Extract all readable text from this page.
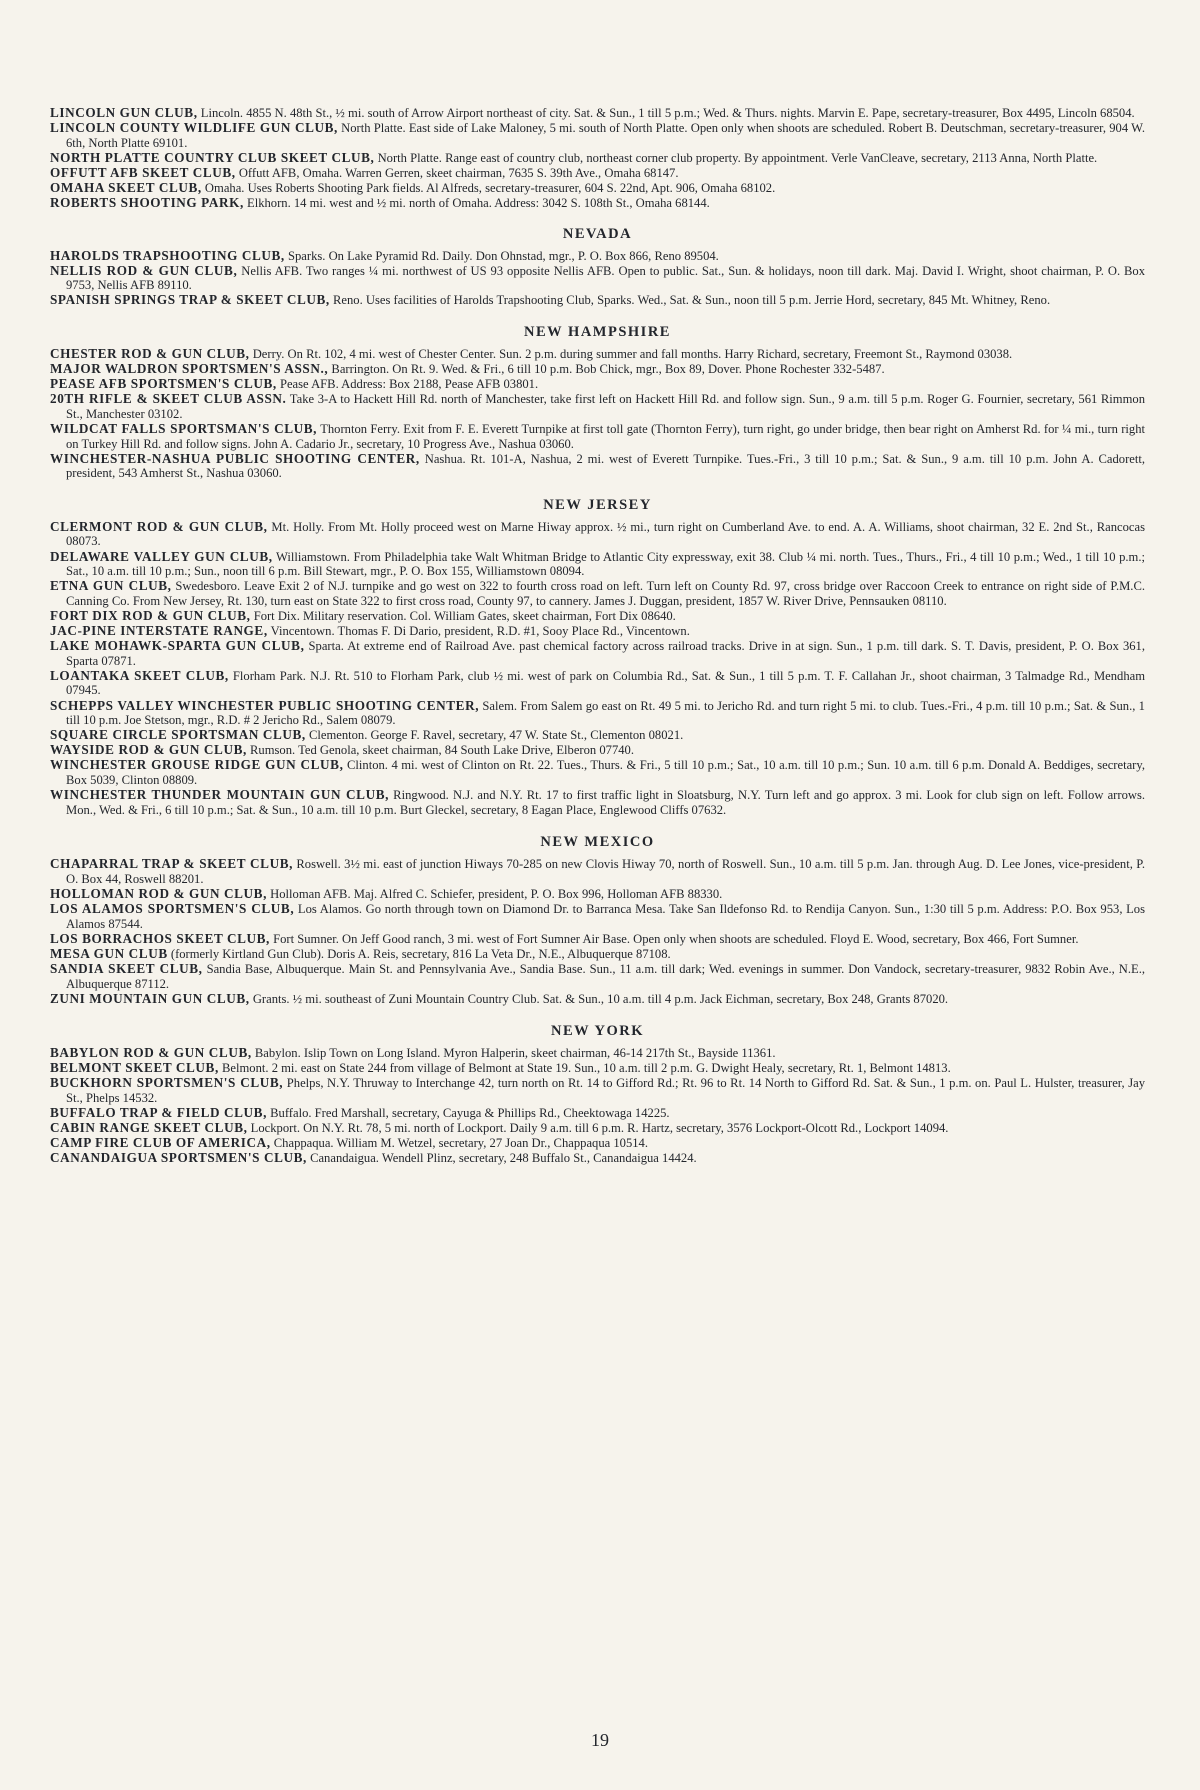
LINCOLN GUN CLUB, Lincoln. 4855 N. 48th St., ½ mi. south of Arrow Airport northeast of city. Sat. & Sun., 1 till 5 p.m.; Wed. & Thurs. nights. Marvin E. Pape, secretary-treasurer, Box 4495, Lincoln 68504.
LINCOLN COUNTY WILDLIFE GUN CLUB, North Platte. East side of Lake Maloney, 5 mi. south of North Platte. Open only when shoots are scheduled. Robert B. Deutschman, secretary-treasurer, 904 W. 6th, North Platte 69101.
NORTH PLATTE COUNTRY CLUB SKEET CLUB, North Platte. Range east of country club, northeast corner club property. By appointment. Verle VanCleave, secretary, 2113 Anna, North Platte.
OFFUTT AFB SKEET CLUB, Offutt AFB, Omaha. Warren Gerren, skeet chairman, 7635 S. 39th Ave., Omaha 68147.
OMAHA SKEET CLUB, Omaha. Uses Roberts Shooting Park fields. Al Alfreds, secretary-treasurer, 604 S. 22nd, Apt. 906, Omaha 68102.
ROBERTS SHOOTING PARK, Elkhorn. 14 mi. west and ½ mi. north of Omaha. Address: 3042 S. 108th St., Omaha 68144.
NEVADA
HAROLDS TRAPSHOOTING CLUB, Sparks. On Lake Pyramid Rd. Daily. Don Ohnstad, mgr., P. O. Box 866, Reno 89504.
NELLIS ROD & GUN CLUB, Nellis AFB. Two ranges ¼ mi. northwest of US 93 opposite Nellis AFB. Open to public. Sat., Sun. & holidays, noon till dark. Maj. David I. Wright, shoot chairman, P. O. Box 9753, Nellis AFB 89110.
SPANISH SPRINGS TRAP & SKEET CLUB, Reno. Uses facilities of Harolds Trapshooting Club, Sparks. Wed., Sat. & Sun., noon till 5 p.m. Jerrie Hord, secretary, 845 Mt. Whitney, Reno.
NEW HAMPSHIRE
CHESTER ROD & GUN CLUB, Derry. On Rt. 102, 4 mi. west of Chester Center. Sun. 2 p.m. during summer and fall months. Harry Richard, secretary, Freemont St., Raymond 03038.
MAJOR WALDRON SPORTSMEN'S ASSN., Barrington. On Rt. 9. Wed. & Fri., 6 till 10 p.m. Bob Chick, mgr., Box 89, Dover. Phone Rochester 332-5487.
PEASE AFB SPORTSMEN'S CLUB, Pease AFB. Address: Box 2188, Pease AFB 03801.
20TH RIFLE & SKEET CLUB ASSN. Take 3-A to Hackett Hill Rd. north of Manchester, take first left on Hackett Hill Rd. and follow sign. Sun., 9 a.m. till 5 p.m. Roger G. Fournier, secretary, 561 Rimmon St., Manchester 03102.
WILDCAT FALLS SPORTSMAN'S CLUB, Thornton Ferry. Exit from F. E. Everett Turnpike at first toll gate (Thornton Ferry), turn right, go under bridge, then bear right on Amherst Rd. for ¼ mi., turn right on Turkey Hill Rd. and follow signs. John A. Cadario Jr., secretary, 10 Progress Ave., Nashua 03060.
WINCHESTER-NASHUA PUBLIC SHOOTING CENTER, Nashua. Rt. 101-A, Nashua, 2 mi. west of Everett Turnpike. Tues.-Fri., 3 till 10 p.m.; Sat. & Sun., 9 a.m. till 10 p.m. John A. Cadorett, president, 543 Amherst St., Nashua 03060.
NEW JERSEY
CLERMONT ROD & GUN CLUB, Mt. Holly. From Mt. Holly proceed west on Marne Hiway approx. ½ mi., turn right on Cumberland Ave. to end. A. A. Williams, shoot chairman, 32 E. 2nd St., Rancocas 08073.
DELAWARE VALLEY GUN CLUB, Williamstown. From Philadelphia take Walt Whitman Bridge to Atlantic City expressway, exit 38. Club ¼ mi. north. Tues., Thurs., Fri., 4 till 10 p.m.; Wed., 1 till 10 p.m.; Sat., 10 a.m. till 10 p.m.; Sun., noon till 6 p.m. Bill Stewart, mgr., P. O. Box 155, Williamstown 08094.
ETNA GUN CLUB, Swedesboro. Leave Exit 2 of N.J. turnpike and go west on 322 to fourth cross road on left. Turn left on County Rd. 97, cross bridge over Raccoon Creek to entrance on right side of P.M.C. Canning Co. From New Jersey, Rt. 130, turn east on State 322 to first cross road, County 97, to cannery. James J. Duggan, president, 1857 W. River Drive, Pennsauken 08110.
FORT DIX ROD & GUN CLUB, Fort Dix. Military reservation. Col. William Gates, skeet chairman, Fort Dix 08640.
JAC-PINE INTERSTATE RANGE, Vincentown. Thomas F. Di Dario, president, R.D. #1, Sooy Place Rd., Vincentown.
LAKE MOHAWK-SPARTA GUN CLUB, Sparta. At extreme end of Railroad Ave. past chemical factory across railroad tracks. Drive in at sign. Sun., 1 p.m. till dark. S. T. Davis, president, P. O. Box 361, Sparta 07871.
LOANTAKA SKEET CLUB, Florham Park. N.J. Rt. 510 to Florham Park, club ½ mi. west of park on Columbia Rd., Sat. & Sun., 1 till 5 p.m. T. F. Callahan Jr., shoot chairman, 3 Talmadge Rd., Mendham 07945.
SCHEPPS VALLEY WINCHESTER PUBLIC SHOOTING CENTER, Salem. From Salem go east on Rt. 49 5 mi. to Jericho Rd. and turn right 5 mi. to club. Tues.-Fri., 4 p.m. till 10 p.m.; Sat. & Sun., 1 till 10 p.m. Joe Stetson, mgr., R.D. # 2 Jericho Rd., Salem 08079.
SQUARE CIRCLE SPORTSMAN CLUB, Clementon. George F. Ravel, secretary, 47 W. State St., Clementon 08021.
WAYSIDE ROD & GUN CLUB, Rumson. Ted Genola, skeet chairman, 84 South Lake Drive, Elberon 07740.
WINCHESTER GROUSE RIDGE GUN CLUB, Clinton. 4 mi. west of Clinton on Rt. 22. Tues., Thurs. & Fri., 5 till 10 p.m.; Sat., 10 a.m. till 10 p.m.; Sun. 10 a.m. till 6 p.m. Donald A. Beddiges, secretary, Box 5039, Clinton 08809.
WINCHESTER THUNDER MOUNTAIN GUN CLUB, Ringwood. N.J. and N.Y. Rt. 17 to first traffic light in Sloatsburg, N.Y. Turn left and go approx. 3 mi. Look for club sign on left. Follow arrows. Mon., Wed. & Fri., 6 till 10 p.m.; Sat. & Sun., 10 a.m. till 10 p.m. Burt Gleckel, secretary, 8 Eagan Place, Englewood Cliffs 07632.
NEW MEXICO
CHAPARRAL TRAP & SKEET CLUB, Roswell. 3½ mi. east of junction Hiways 70-285 on new Clovis Hiway 70, north of Roswell. Sun., 10 a.m. till 5 p.m. Jan. through Aug. D. Lee Jones, vice-president, P. O. Box 44, Roswell 88201.
HOLLOMAN ROD & GUN CLUB, Holloman AFB. Maj. Alfred C. Schiefer, president, P. O. Box 996, Holloman AFB 88330.
LOS ALAMOS SPORTSMEN'S CLUB, Los Alamos. Go north through town on Diamond Dr. to Barranca Mesa. Take San Ildefonso Rd. to Rendija Canyon. Sun., 1:30 till 5 p.m. Address: P.O. Box 953, Los Alamos 87544.
LOS BORRACHOS SKEET CLUB, Fort Sumner. On Jeff Good ranch, 3 mi. west of Fort Sumner Air Base. Open only when shoots are scheduled. Floyd E. Wood, secretary, Box 466, Fort Sumner.
MESA GUN CLUB (formerly Kirtland Gun Club). Doris A. Reis, secretary, 816 La Veta Dr., N.E., Albuquerque 87108.
SANDIA SKEET CLUB, Sandia Base, Albuquerque. Main St. and Pennsylvania Ave., Sandia Base. Sun., 11 a.m. till dark; Wed. evenings in summer. Don Vandock, secretary-treasurer, 9832 Robin Ave., N.E., Albuquerque 87112.
ZUNI MOUNTAIN GUN CLUB, Grants. ½ mi. southeast of Zuni Mountain Country Club. Sat. & Sun., 10 a.m. till 4 p.m. Jack Eichman, secretary, Box 248, Grants 87020.
NEW YORK
BABYLON ROD & GUN CLUB, Babylon. Islip Town on Long Island. Myron Halperin, skeet chairman, 46-14 217th St., Bayside 11361.
BELMONT SKEET CLUB, Belmont. 2 mi. east on State 244 from village of Belmont at State 19. Sun., 10 a.m. till 2 p.m. G. Dwight Healy, secretary, Rt. 1, Belmont 14813.
BUCKHORN SPORTSMEN'S CLUB, Phelps, N.Y. Thruway to Interchange 42, turn north on Rt. 14 to Gifford Rd.; Rt. 96 to Rt. 14 North to Gifford Rd. Sat. & Sun., 1 p.m. on. Paul L. Hulster, treasurer, Jay St., Phelps 14532.
BUFFALO TRAP & FIELD CLUB, Buffalo. Fred Marshall, secretary, Cayuga & Phillips Rd., Cheektowaga 14225.
CABIN RANGE SKEET CLUB, Lockport. On N.Y. Rt. 78, 5 mi. north of Lockport. Daily 9 a.m. till 6 p.m. R. Hartz, secretary, 3576 Lockport-Olcott Rd., Lockport 14094.
CAMP FIRE CLUB OF AMERICA, Chappaqua. William M. Wetzel, secretary, 27 Joan Dr., Chappaqua 10514.
CANANDAIGUA SPORTSMEN'S CLUB, Canandaigua. Wendell Plinz, secretary, 248 Buffalo St., Canandaigua 14424.
19
